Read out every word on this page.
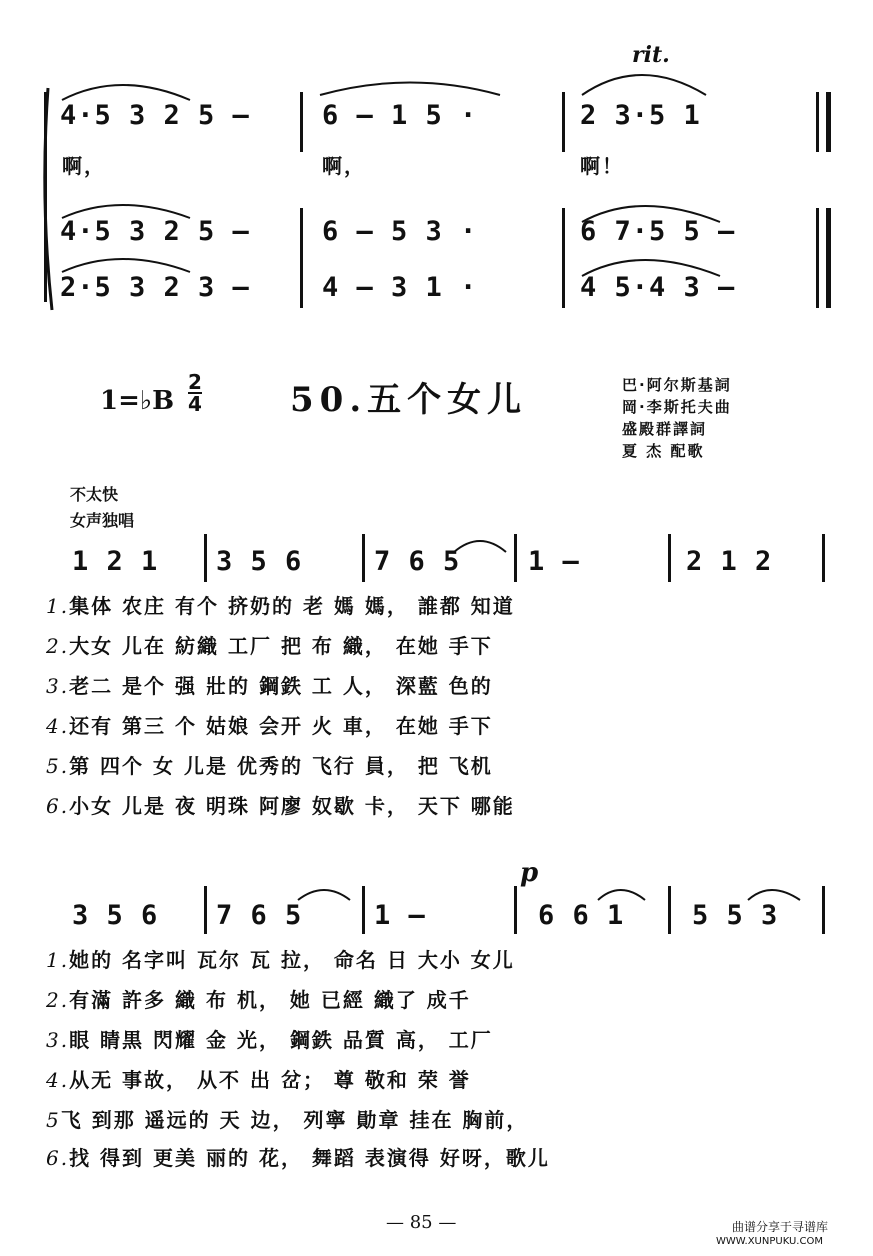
rit.
4·5 3 2 5 –	6 – 1 5 ·	2 3·5 1
啊，	啊，	啊！
4·5 3 2 5 –	6 – 5 3 ·	6 7·5 5 –
2·5 3 2 3 –	4 – 3 1 ·	4 5·4 3 –
1=♭B
2
4	50.五个女儿	巴·阿尔斯基詞
岡·李斯托夫曲
盛殿群譯詞
夏 杰 配歌
不太快
女声独唱
1 2 1 3 5 6	7 6 5	1 –	2 1 2
1.集体 农庄 有个 挤奶的 老 媽 媽， 誰都 知道
2.大女 儿在 紡織 工厂 把 布 織， 在她 手下
3.老二 是个 强 壯的 鋼鉄 工 人， 深藍 色的
4.还有 第三 个 姑娘 会开 火 車， 在她 手下
5.第 四个 女 儿是 优秀的 飞行 員， 把 飞机
6.小女 儿是 夜 明珠 阿廖 奴歇 卡， 天下 哪能
p
3 5 6 7 6 5	1 –	6 6 1	5 5 3
1.她的 名字叫 瓦尔 瓦 拉， 命名 日 大小 女儿
2.有滿 許多 織 布 机， 她 已經 織了 成千
3.眼 睛黒 閃耀 金 光， 鋼鉄 品質 高， 工厂
4.从无 事故， 从不 出 岔； 尊 敬和 荣 誉
5飞 到那 遥远的 天 边， 列寧 勛章 挂在 胸前，
6.找 得到 更美 丽的 花， 舞蹈 表演得 好呀，歌儿
— 85 —	曲谱分享于寻谱库
WWW.XUNPUKU.COM
